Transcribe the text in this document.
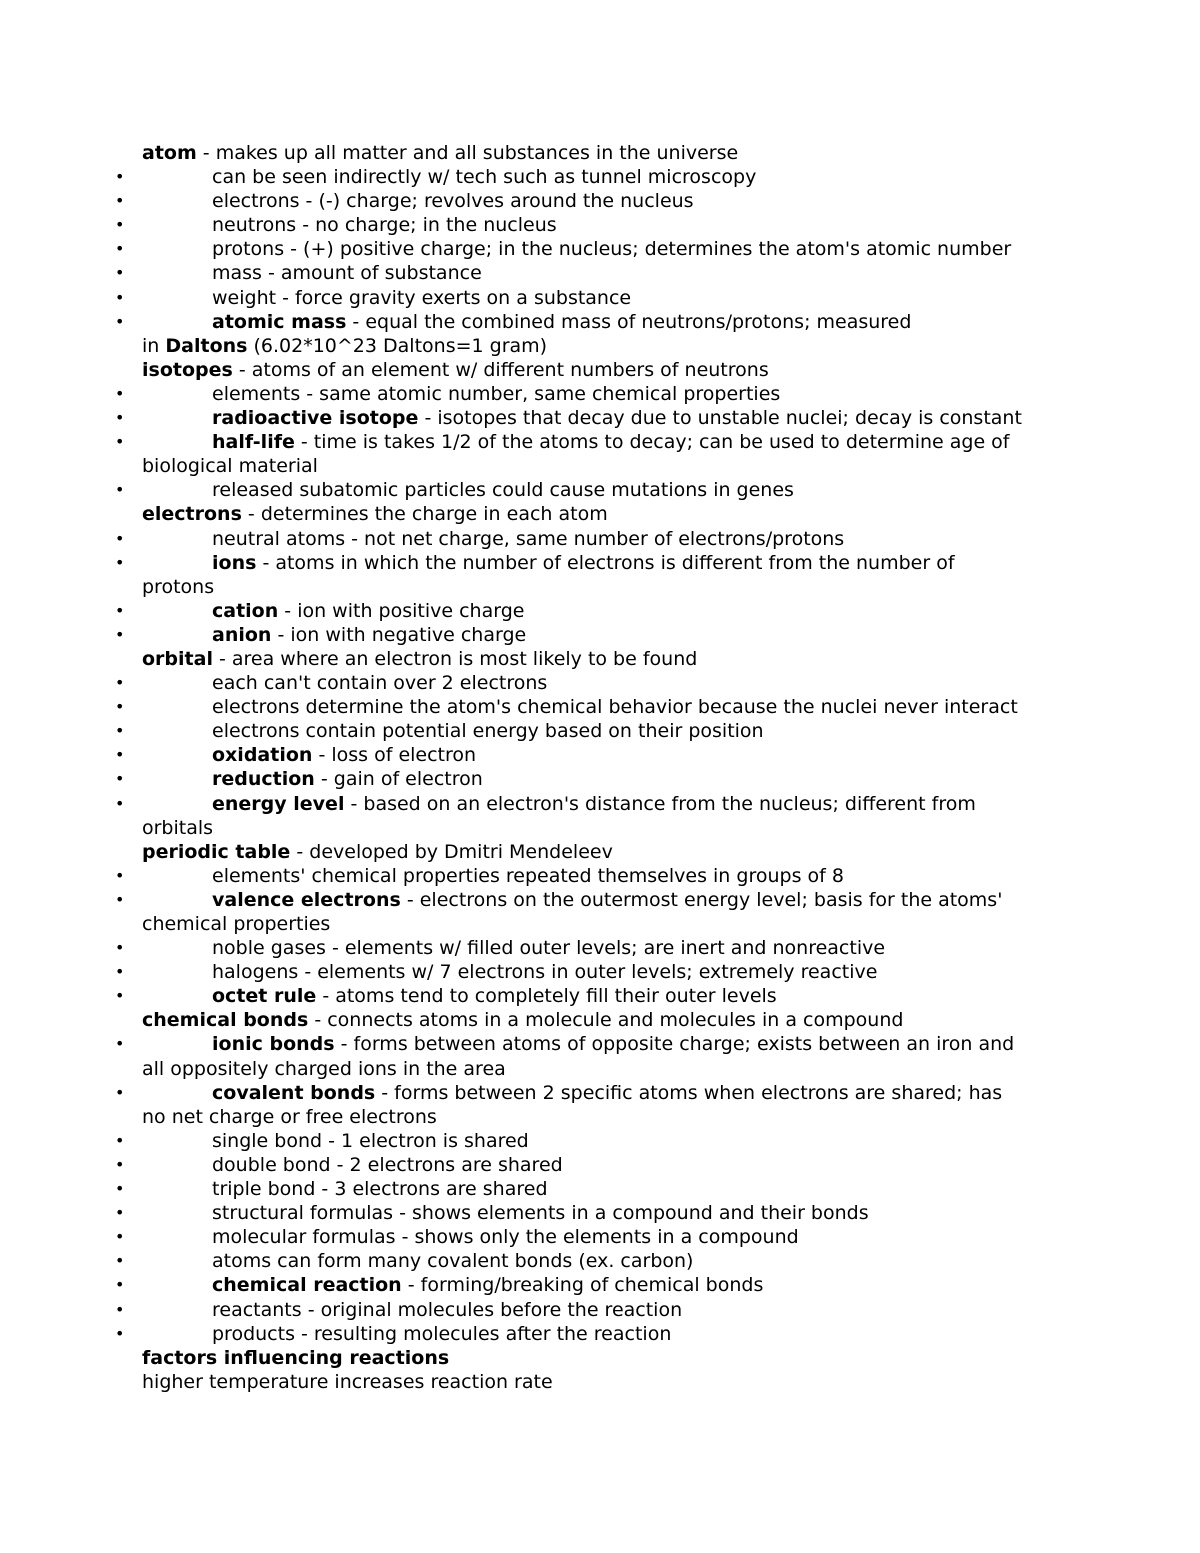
atom - makes up all matter and all substances in the universe
•	can be seen indirectly w/ tech such as tunnel microscopy
•	electrons - (-) charge; revolves around the nucleus
•	neutrons - no charge; in the nucleus
•	protons - (+) positive charge; in the nucleus; determines the atom's atomic number
•	mass - amount of substance
•	weight - force gravity exerts on a substance
•	atomic mass - equal the combined mass of neutrons/protons; measured
in Daltons (6.02*10^23 Daltons=1 gram)
isotopes - atoms of an element w/ different numbers of neutrons
•	elements - same atomic number, same chemical properties
•	radioactive isotope - isotopes that decay due to unstable nuclei; decay is constant
•	half-life - time is takes 1/2 of the atoms to decay; can be used to determine age of
biological material
•	released subatomic particles could cause mutations in genes
electrons - determines the charge in each atom
•	neutral atoms - not net charge, same number of electrons/protons
•	ions - atoms in which the number of electrons is different from the number of
protons
•	cation - ion with positive charge
•	anion - ion with negative charge
orbital - area where an electron is most likely to be found
•	each can't contain over 2 electrons
•	electrons determine the atom's chemical behavior because the nuclei never interact
•	electrons contain potential energy based on their position
•	oxidation - loss of electron
•	reduction - gain of electron
•	energy level - based on an electron's distance from the nucleus; different from
orbitals
periodic table - developed by Dmitri Mendeleev
•	elements' chemical properties repeated themselves in groups of 8
•	valence electrons - electrons on the outermost energy level; basis for the atoms'
chemical properties
•	noble gases - elements w/ filled outer levels; are inert and nonreactive
•	halogens - elements w/ 7 electrons in outer levels; extremely reactive
•	octet rule - atoms tend to completely fill their outer levels
chemical bonds - connects atoms in a molecule and molecules in a compound
•	ionic bonds - forms between atoms of opposite charge; exists between an iron and
all oppositely charged ions in the area
•	covalent bonds - forms between 2 specific atoms when electrons are shared; has
no net charge or free electrons
•	single bond - 1 electron is shared
•	double bond - 2 electrons are shared
•	triple bond - 3 electrons are shared
•	structural formulas - shows elements in a compound and their bonds
•	molecular formulas - shows only the elements in a compound
•	atoms can form many covalent bonds (ex. carbon)
•	chemical reaction - forming/breaking of chemical bonds
•	reactants - original molecules before the reaction
•	products - resulting molecules after the reaction
factors influencing reactions
higher temperature increases reaction rate
